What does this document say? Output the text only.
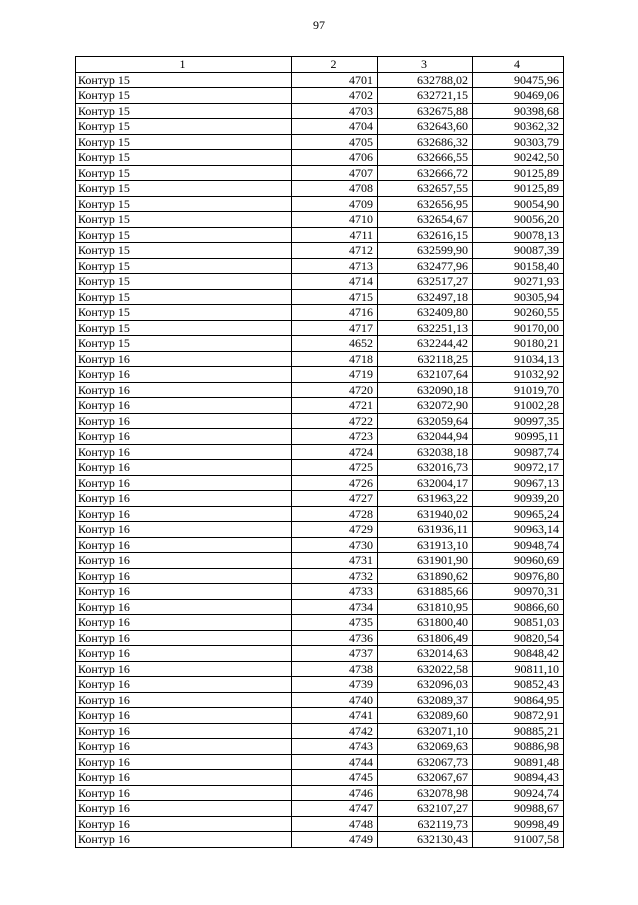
97
1	2	3	4
Контур 15	4701	632788,02	90475,96
Контур 15	4702	632721,15	90469,06
Контур 15	4703	632675,88	90398,68
Контур 15	4704	632643,60	90362,32
Контур 15	4705	632686,32	90303,79
Контур 15	4706	632666,55	90242,50
Контур 15	4707	632666,72	90125,89
Контур 15	4708	632657,55	90125,89
Контур 15	4709	632656,95	90054,90
Контур 15	4710	632654,67	90056,20
Контур 15	4711	632616,15	90078,13
Контур 15	4712	632599,90	90087,39
Контур 15	4713	632477,96	90158,40
Контур 15	4714	632517,27	90271,93
Контур 15	4715	632497,18	90305,94
Контур 15	4716	632409,80	90260,55
Контур 15	4717	632251,13	90170,00
Контур 15	4652	632244,42	90180,21
Контур 16	4718	632118,25	91034,13
Контур 16	4719	632107,64	91032,92
Контур 16	4720	632090,18	91019,70
Контур 16	4721	632072,90	91002,28
Контур 16	4722	632059,64	90997,35
Контур 16	4723	632044,94	90995,11
Контур 16	4724	632038,18	90987,74
Контур 16	4725	632016,73	90972,17
Контур 16	4726	632004,17	90967,13
Контур 16	4727	631963,22	90939,20
Контур 16	4728	631940,02	90965,24
Контур 16	4729	631936,11	90963,14
Контур 16	4730	631913,10	90948,74
Контур 16	4731	631901,90	90960,69
Контур 16	4732	631890,62	90976,80
Контур 16	4733	631885,66	90970,31
Контур 16	4734	631810,95	90866,60
Контур 16	4735	631800,40	90851,03
Контур 16	4736	631806,49	90820,54
Контур 16	4737	632014,63	90848,42
Контур 16	4738	632022,58	90811,10
Контур 16	4739	632096,03	90852,43
Контур 16	4740	632089,37	90864,95
Контур 16	4741	632089,60	90872,91
Контур 16	4742	632071,10	90885,21
Контур 16	4743	632069,63	90886,98
Контур 16	4744	632067,73	90891,48
Контур 16	4745	632067,67	90894,43
Контур 16	4746	632078,98	90924,74
Контур 16	4747	632107,27	90988,67
Контур 16	4748	632119,73	90998,49
Контур 16	4749	632130,43	91007,58
